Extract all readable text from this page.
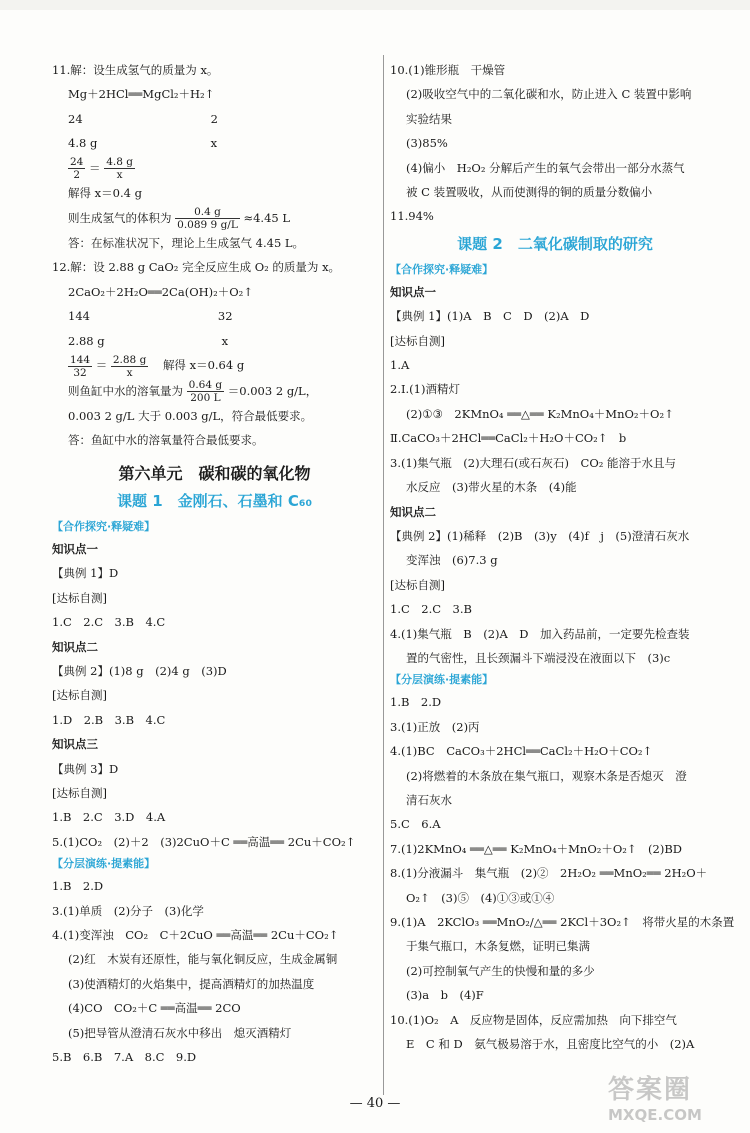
11.解：设生成氢气的质量为 x。
Mg＋2HCl══MgCl₂＋H₂↑
24                                   2
4.8 g                               x
$\frac{24}{2} = \frac{4.8 g}{x}$
解得 x＝0.4 g
则生成氢气的体积为 $\frac{0.4 g}{0.089 9 g/L} \approx 4.45$ L
答：在标准状况下，理论上生成氢气 4.45 L。
12.解：设 2.88 g CaO₂ 完全反应生成 O₂ 的质量为 x。
2CaO₂＋2H₂O══2Ca(OH)₂＋O₂↑
144                                   32
2.88 g                                x
$\frac{144}{32} = \frac{2.88 g}{x}$ 解得 x＝0.64 g
则鱼缸中水的溶氧量为 $\frac{0.64 g}{200 L} =0.003$ 2 g/L，
0.003 2 g/L 大于 0.003 g/L，符合最低要求。
答：鱼缸中水的溶氧量符合最低要求。
第六单元　碳和碳的氧化物
课题 1　金刚石、石墨和 C₆₀
【合作探究·释疑难】
知识点一
【典例 1】D
[达标自测]
1.C　2.C　3.B　4.C
知识点二
【典例 2】(1)8 g　(2)4 g　(3)D
[达标自测]
1.D　2.B　3.B　4.C
知识点三
【典例 3】D
[达标自测]
1.B　2.C　3.D　4.A
5.(1)CO₂　(2)＋2　(3)2CuO＋C ══高温══ 2Cu＋CO₂↑
【分层演练·提素能】
1.B　2.D
3.(1)单质　(2)分子　(3)化学
4.(1)变浑浊　CO₂　C＋2CuO ══高温══ 2Cu＋CO₂↑
(2)红　木炭有还原性，能与氧化铜反应，生成金属铜
(3)使酒精灯的火焰集中，提高酒精灯的加热温度
(4)CO　CO₂＋C ══高温══ 2CO
(5)把导管从澄清石灰水中移出　熄灭酒精灯
5.B　6.B　7.A　8.C　9.D
10.(1)锥形瓶　干燥管
(2)吸收空气中的二氧化碳和水，防止进入 C 装置中影响
实验结果
(3)85%
(4)偏小　H₂O₂ 分解后产生的氧气会带出一部分水蒸气
被 C 装置吸收，从而使测得的铜的质量分数偏小
11.94%
课题 2　二氧化碳制取的研究
【合作探究·释疑难】
知识点一
【典例 1】(1)A　B　C　D　(2)A　D
[达标自测]
1.A
2.Ⅰ.(1)酒精灯
(2)①③　2KMnO₄ ══△══ K₂MnO₄＋MnO₂＋O₂↑
Ⅱ.CaCO₃＋2HCl══CaCl₂＋H₂O＋CO₂↑　b
3.(1)集气瓶　(2)大理石(或石灰石)　CO₂ 能溶于水且与
水反应　(3)带火星的木条　(4)能
知识点二
【典例 2】(1)稀释　(2)B　(3)y　(4)f　j　(5)澄清石灰水
变浑浊　(6)7.3 g
[达标自测]
1.C　2.C　3.B
4.(1)集气瓶　B　(2)A　D　加入药品前，一定要先检查装
置的气密性，且长颈漏斗下端浸没在液面以下　(3)c
【分层演练·提素能】
1.B　2.D
3.(1)正放　(2)丙
4.(1)BC　CaCO₃＋2HCl══CaCl₂＋H₂O＋CO₂↑
(2)将燃着的木条放在集气瓶口，观察木条是否熄灭　澄
清石灰水
5.C　6.A
7.(1)2KMnO₄ ══△══ K₂MnO₄＋MnO₂＋O₂↑　(2)BD
8.(1)分液漏斗　集气瓶　(2)②　2H₂O₂ ══MnO₂══ 2H₂O＋
O₂↑　(3)⑤　(4)①③或①④
9.(1)A　2KClO₃ ══MnO₂/△══ 2KCl＋3O₂↑　将带火星的木条置
于集气瓶口，木条复燃，证明已集满
(2)可控制氧气产生的快慢和量的多少
(3)a　b　(4)F
10.(1)O₂　A　反应物是固体，反应需加热　向下排空气
E　C 和 D　氨气极易溶于水，且密度比空气的小　(2)A
— 40 —	答案圈
MXQE.COM
